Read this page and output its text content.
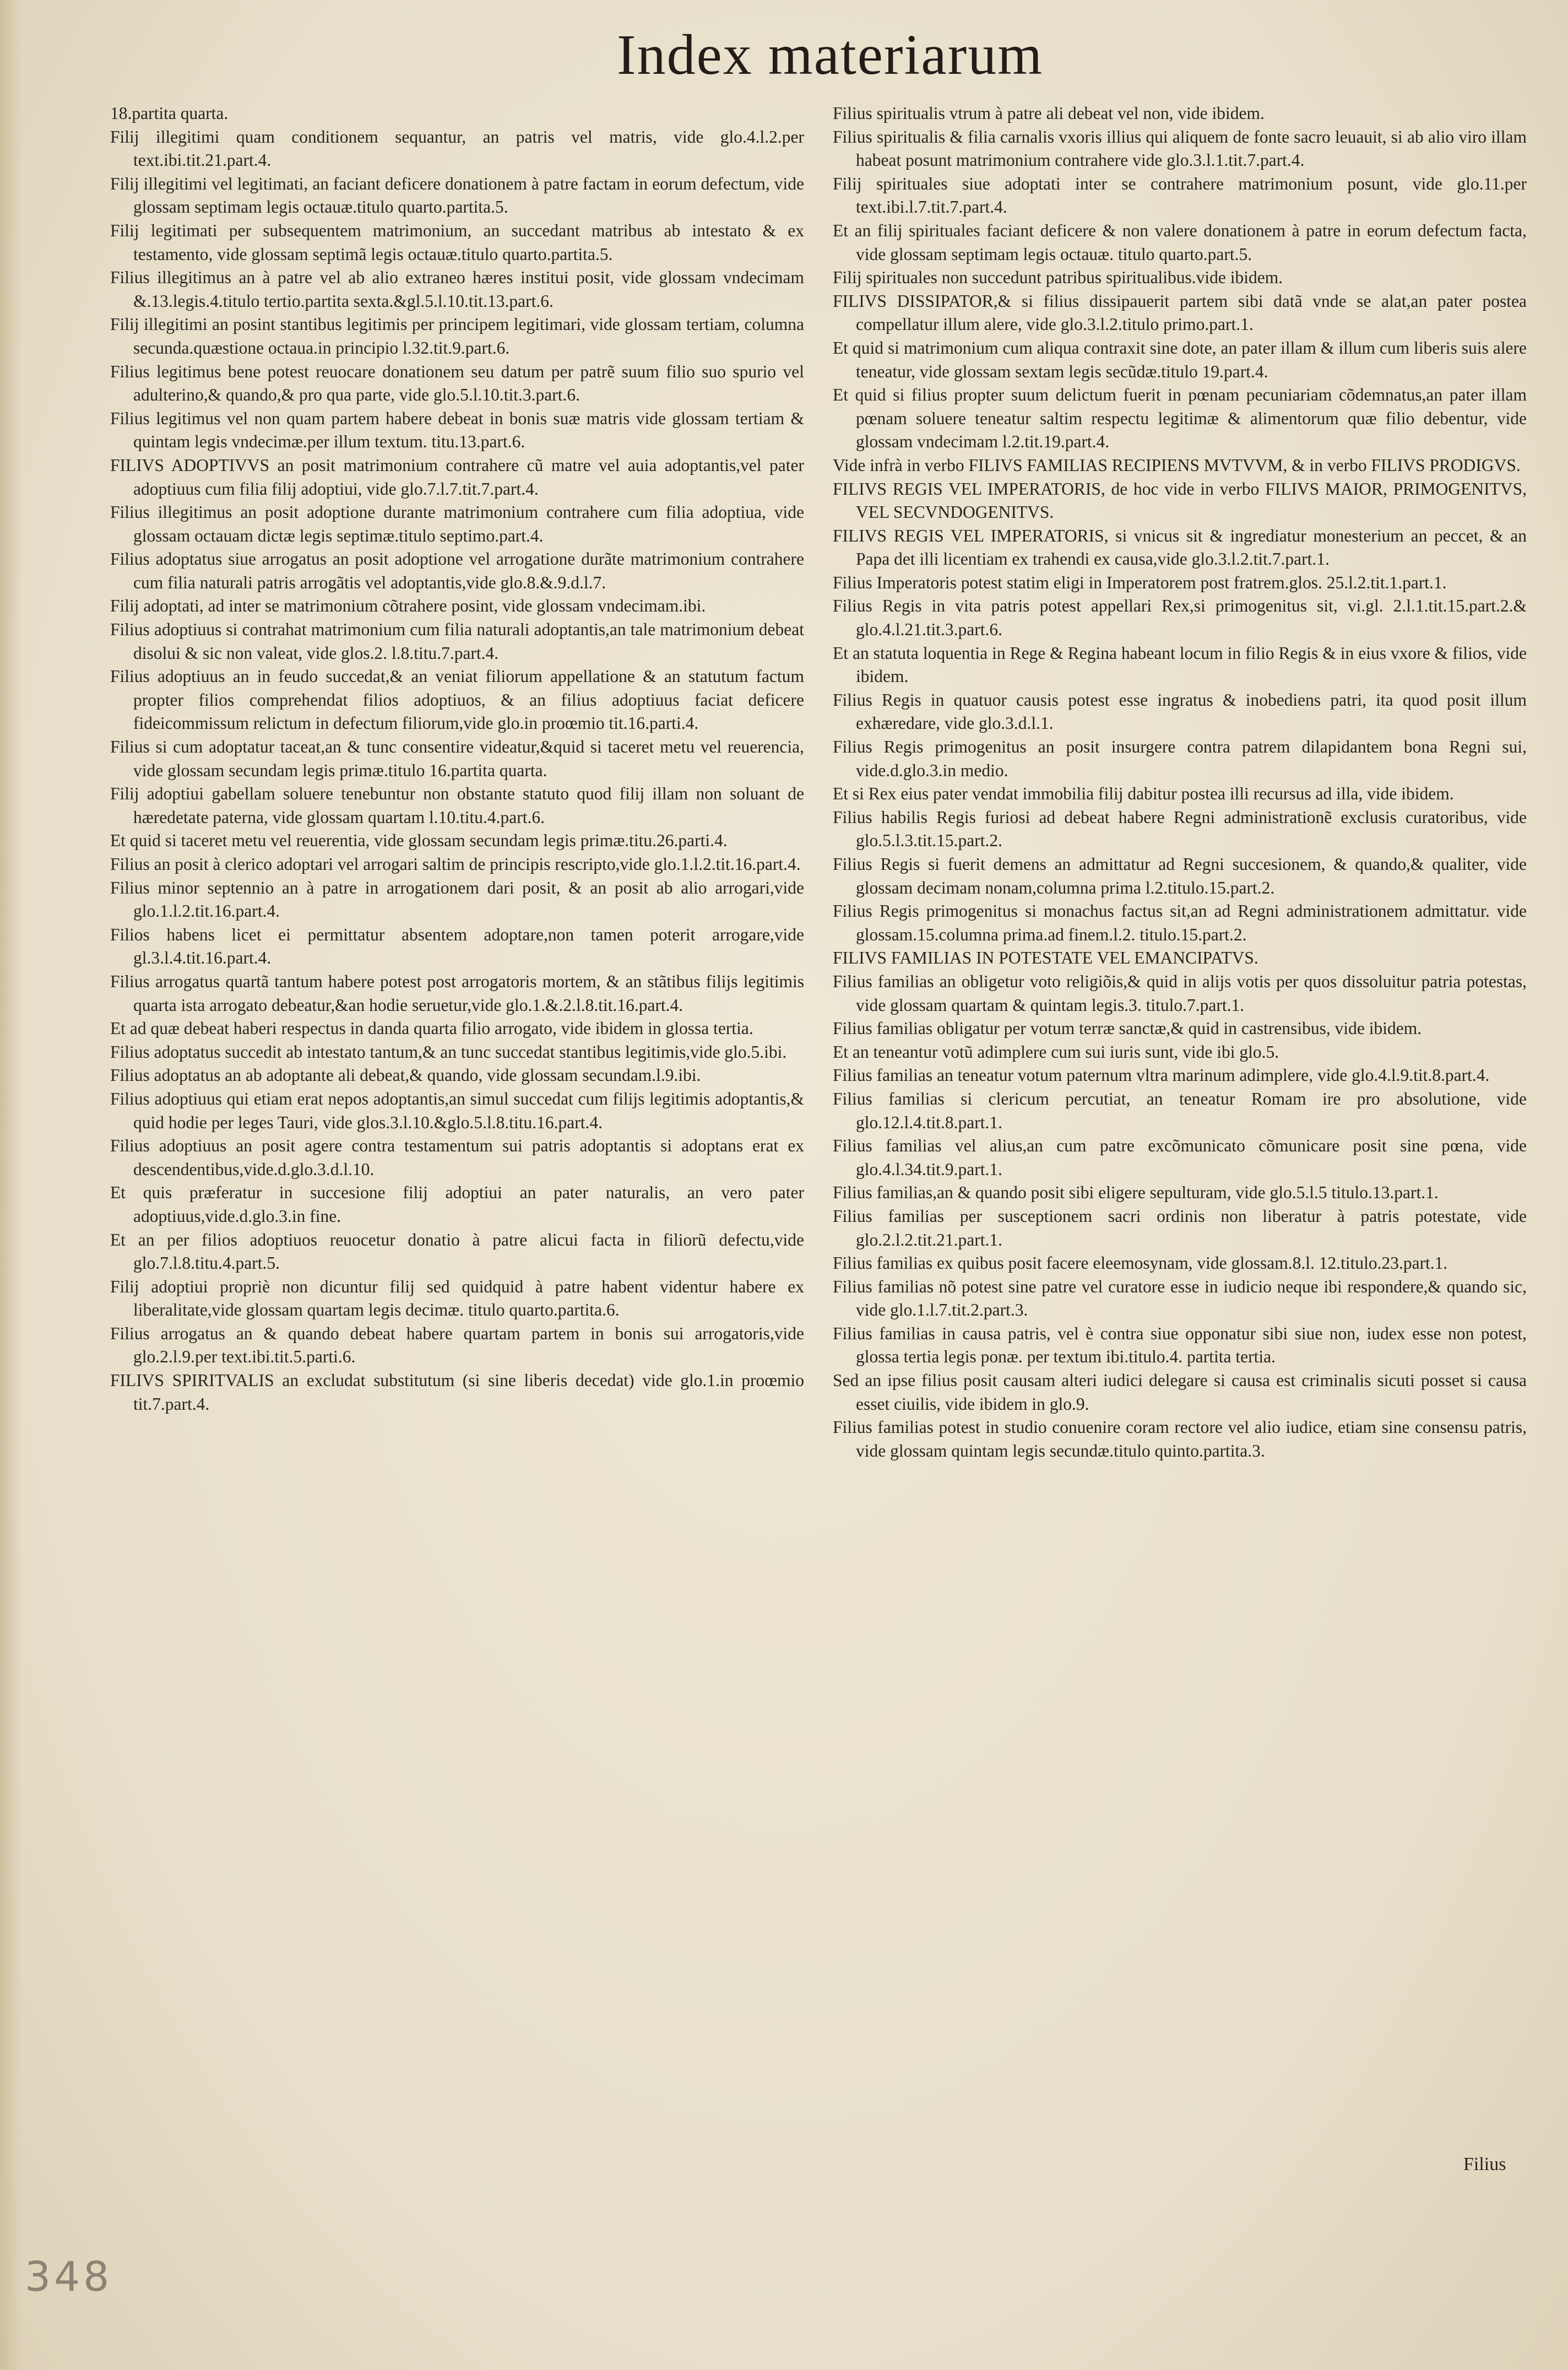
Index materiarum

18.partita quarta.

Filij illegitimi quam conditionem sequantur, an patris vel matris, vide glo.4.l.2.per text.ibi.tit.21.part.4.

Filij illegitimi vel legitimati, an faciant deficere donationem à patre factam in eorum defectum, vide glossam septimam legis octauæ.titulo quarto.partita.5.

Filij legitimati per subsequentem matrimonium, an succedant matribus ab intestato & ex testamento, vide glossam septimã legis octauæ.titulo quarto.partita.5.

Filius illegitimus an à patre vel ab alio extraneo hæres institui posit, vide glossam vndecimam &.13.legis.4.titulo tertio.partita sexta.&gl.5.l.10.tit.13.part.6.

Filij illegitimi an posint stantibus legitimis per principem legitimari, vide glossam tertiam, columna secunda.quæstione octaua.in principio l.32.tit.9.part.6.

Filius legitimus bene potest reuocare donationem seu datum per patrẽ suum filio suo spurio vel adulterino,& quando,& pro qua parte, vide glo.5.l.10.tit.3.part.6.

Filius legitimus vel non quam partem habere debeat in bonis suæ matris vide glossam tertiam & quintam legis vndecimæ.per illum textum. titu.13.part.6.

FILIVS ADOPTIVVS an posit matrimonium contrahere cũ matre vel auia adoptantis,vel pater adoptiuus cum filia filij adoptiui, vide glo.7.l.7.tit.7.part.4.

Filius illegitimus an posit adoptione durante matrimonium contrahere cum filia adoptiua, vide glossam octauam dictæ legis septimæ.titulo septimo.part.4.

Filius adoptatus siue arrogatus an posit adoptione vel arrogatione durãte matrimonium contrahere cum filia naturali patris arrogãtis vel adoptantis,vide glo.8.&.9.d.l.7.

Filij adoptati, ad inter se matrimonium cõtrahere posint, vide glossam vndecimam.ibi.

Filius adoptiuus si contrahat matrimonium cum filia naturali adoptantis,an tale matrimonium debeat disolui & sic non valeat, vide glos.2. l.8.titu.7.part.4.

Filius adoptiuus an in feudo succedat,& an veniat filiorum appellatione & an statutum factum propter filios comprehendat filios adoptiuos, & an filius adoptiuus faciat deficere fideicommissum relictum in defectum filiorum,vide glo.in proœmio tit.16.parti.4.

Filius si cum adoptatur taceat,an & tunc consentire videatur,&quid si taceret metu vel reuerencia, vide glossam secundam legis primæ.titulo 16.partita quarta.

Filij adoptiui gabellam soluere tenebuntur non obstante statuto quod filij illam non soluant de hæredetate paterna, vide glossam quartam l.10.titu.4.part.6.

Et quid si taceret metu vel reuerentia, vide glossam secundam legis primæ.titu.26.parti.4.

Filius an posit à clerico adoptari vel arrogari saltim de principis rescripto,vide glo.1.l.2.tit.16.part.4.

Filius minor septennio an à patre in arrogationem dari posit, & an posit ab alio arrogari,vide glo.1.l.2.tit.16.part.4.

Filios habens licet ei permittatur absentem adoptare,non tamen poterit arrogare,vide gl.3.l.4.tit.16.part.4.

Filius arrogatus quartã tantum habere potest post arrogatoris mortem, & an stãtibus filijs legitimis quarta ista arrogato debeatur,&an hodie seruetur,vide glo.1.&.2.l.8.tit.16.part.4.

Et ad quæ debeat haberi respectus in danda quarta filio arrogato, vide ibidem in glossa tertia.

Filius adoptatus succedit ab intestato tantum,& an tunc succedat stantibus legitimis,vide glo.5.ibi.

Filius adoptatus an ab adoptante ali debeat,& quando, vide glossam secundam.l.9.ibi.

Filius adoptiuus qui etiam erat nepos adoptantis,an simul succedat cum filijs legitimis adoptantis,& quid hodie per leges Tauri, vide glos.3.l.10.&glo.5.l.8.titu.16.part.4.

Filius adoptiuus an posit agere contra testamentum sui patris adoptantis si adoptans erat ex descendentibus,vide.d.glo.3.d.l.10.

Et quis præferatur in succesione filij adoptiui an pater naturalis, an vero pater adoptiuus,vide.d.glo.3.in fine.

Et an per filios adoptiuos reuocetur donatio à patre alicui facta in filiorũ defectu,vide glo.7.l.8.titu.4.part.5.

Filij adoptiui propriè non dicuntur filij sed quidquid à patre habent videntur habere ex liberalitate,vide glossam quartam legis decimæ. titulo quarto.partita.6.

Filius arrogatus an & quando debeat habere quartam partem in bonis sui arrogatoris,vide glo.2.l.9.per text.ibi.tit.5.parti.6.

FILIVS SPIRITVALIS an excludat substitutum (si sine liberis decedat) vide glo.1.in proœmio tit.7.part.4.

Filius spiritualis vtrum à patre ali debeat vel non, vide ibidem.

Filius spiritualis & filia carnalis vxoris illius qui aliquem de fonte sacro leuauit, si ab alio viro illam habeat posunt matrimonium contrahere vide glo.3.l.1.tit.7.part.4.

Filij spirituales siue adoptati inter se contrahere matrimonium posunt, vide glo.11.per text.ibi.l.7.tit.7.part.4.

Et an filij spirituales faciant deficere & non valere donationem à patre in eorum defectum facta, vide glossam septimam legis octauæ. titulo quarto.part.5.

Filij spirituales non succedunt patribus spiritualibus.vide ibidem.

FILIVS DISSIPATOR,& si filius dissipauerit partem sibi datã vnde se alat,an pater postea compellatur illum alere, vide glo.3.l.2.titulo primo.part.1.

Et quid si matrimonium cum aliqua contraxit sine dote, an pater illam & illum cum liberis suis alere teneatur, vide glossam sextam legis secũdæ.titulo 19.part.4.

Et quid si filius propter suum delictum fuerit in pœnam pecuniariam cõdemnatus,an pater illam pœnam soluere teneatur saltim respectu legitimæ & alimentorum quæ filio debentur, vide glossam vndecimam l.2.tit.19.part.4.

Vide infrà in verbo FILIVS FAMILIAS RECIPIENS MVTVVM, & in verbo FILIVS PRODIGVS.

FILIVS REGIS VEL IMPERATORIS, de hoc vide in verbo FILIVS MAIOR, PRIMOGENITVS, VEL SECVNDOGENITVS.

FILIVS REGIS VEL IMPERATORIS, si vnicus sit & ingrediatur monesterium an peccet, & an Papa det illi licentiam ex trahendi ex causa,vide glo.3.l.2.tit.7.part.1.

Filius Imperatoris potest statim eligi in Imperatorem post fratrem.glos. 25.l.2.tit.1.part.1.

Filius Regis in vita patris potest appellari Rex,si primogenitus sit, vi.gl. 2.l.1.tit.15.part.2.& glo.4.l.21.tit.3.part.6.

Et an statuta loquentia in Rege & Regina habeant locum in filio Regis & in eius vxore & filios, vide ibidem.

Filius Regis in quatuor causis potest esse ingratus & inobediens patri, ita quod posit illum exhæredare, vide glo.3.d.l.1.

Filius Regis primogenitus an posit insurgere contra patrem dilapidantem bona Regni sui, vide.d.glo.3.in medio.

Et si Rex eius pater vendat immobilia filij dabitur postea illi recursus ad illa, vide ibidem.

Filius habilis Regis furiosi ad debeat habere Regni administrationẽ exclusis curatoribus, vide glo.5.l.3.tit.15.part.2.

Filius Regis si fuerit demens an admittatur ad Regni succesionem, & quando,& qualiter, vide glossam decimam nonam,columna prima l.2.titulo.15.part.2.

Filius Regis primogenitus si monachus factus sit,an ad Regni administrationem admittatur. vide glossam.15.columna prima.ad finem.l.2. titulo.15.part.2.

FILIVS FAMILIAS IN POTESTATE VEL EMANCIPATVS.

Filius familias an obligetur voto religiõis,& quid in alijs votis per quos dissoluitur patria potestas, vide glossam quartam & quintam legis.3. titulo.7.part.1.

Filius familias obligatur per votum terræ sanctæ,& quid in castrensibus, vide ibidem.

Et an teneantur votũ adimplere cum sui iuris sunt, vide ibi glo.5.

Filius familias an teneatur votum paternum vltra marinum adimplere, vide glo.4.l.9.tit.8.part.4.

Filius familias si clericum percutiat, an teneatur Romam ire pro absolutione, vide glo.12.l.4.tit.8.part.1.

Filius familias vel alius,an cum patre excõmunicato cõmunicare posit sine pœna, vide glo.4.l.34.tit.9.part.1.

Filius familias,an & quando posit sibi eligere sepulturam, vide glo.5.l.5 titulo.13.part.1.

Filius familias per susceptionem sacri ordinis non liberatur à patris potestate, vide glo.2.l.2.tit.21.part.1.

Filius familias ex quibus posit facere eleemosynam, vide glossam.8.l. 12.titulo.23.part.1.

Filius familias nõ potest sine patre vel curatore esse in iudicio neque ibi respondere,& quando sic, vide glo.1.l.7.tit.2.part.3.

Filius familias in causa patris, vel è contra siue opponatur sibi siue non, iudex esse non potest, glossa tertia legis ponæ. per textum ibi.titulo.4. partita tertia.

Sed an ipse filius posit causam alteri iudici delegare si causa est criminalis sicuti posset si causa esset ciuilis, vide ibidem in glo.9.

Filius familias potest in studio conuenire coram rectore vel alio iudice, etiam sine consensu patris, vide glossam quintam legis secundæ.titulo quinto.partita.3.

Filius
348
